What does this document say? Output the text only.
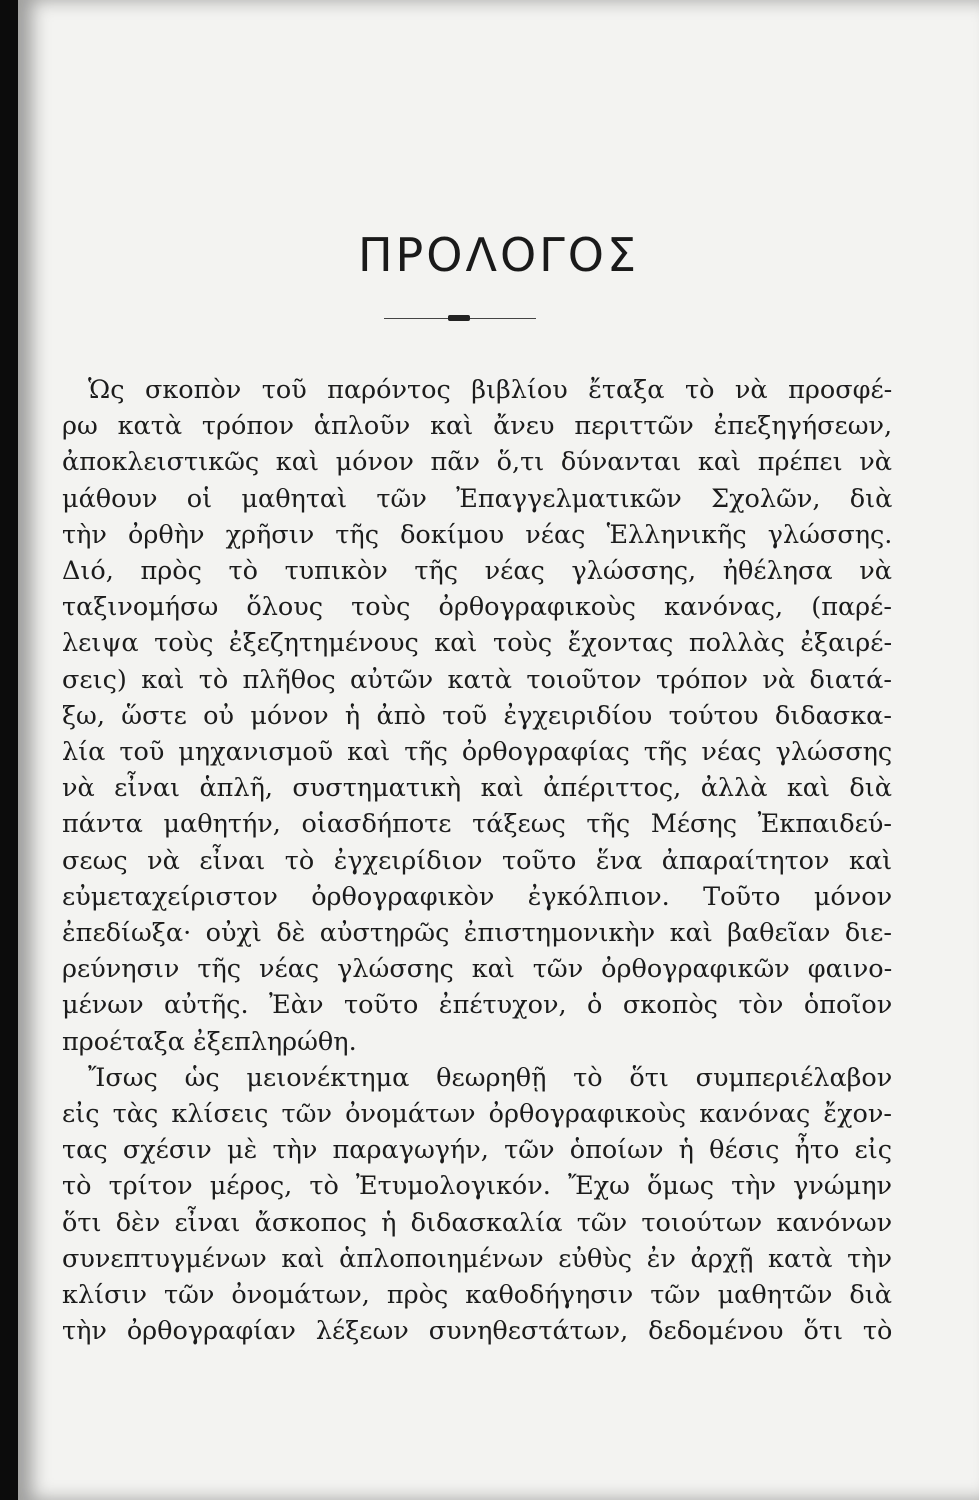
ΠΡΟΛΟΓΟΣ
Ὡς σκοπὸν τοῦ παρόντος βιβλίου ἔταξα τὸ νὰ προσφέ-
ρω κατὰ τρόπον ἁπλοῦν καὶ ἄνευ περιττῶν ἐπεξηγήσεων,
ἀποκλειστικῶς καὶ μόνον πᾶν ὅ,τι δύνανται καὶ πρέπει νὰ
μάθουν οἱ μαθηταὶ τῶν Ἐπαγγελματικῶν Σχολῶν, διὰ
τὴν ὀρθὴν χρῆσιν τῆς δοκίμου νέας Ἑλληνικῆς γλώσσης.
Διό, πρὸς τὸ τυπικὸν τῆς νέας γλώσσης, ἠθέλησα νὰ
ταξινομήσω ὅλους τοὺς ὀρθογραφικοὺς κανόνας, (παρέ-
λειψα τοὺς ἐξεζητημένους καὶ τοὺς ἔχοντας πολλὰς ἐξαιρέ-
σεις) καὶ τὸ πλῆθος αὐτῶν κατὰ τοιοῦτον τρόπον νὰ διατά-
ξω, ὥστε οὐ μόνον ἡ ἀπὸ τοῦ ἐγχειριδίου τούτου διδασκα-
λία τοῦ μηχανισμοῦ καὶ τῆς ὀρθογραφίας τῆς νέας γλώσσης
νὰ εἶναι ἁπλῆ, συστηματικὴ καὶ ἀπέριττος, ἀλλὰ καὶ διὰ
πάντα μαθητήν, οἱασδήποτε τάξεως τῆς Μέσης Ἐκπαιδεύ-
σεως νὰ εἶναι τὸ ἐγχειρίδιον τοῦτο ἕνα ἀπαραίτητον καὶ
εὐμεταχείριστον ὀρθογραφικὸν ἐγκόλπιον. Τοῦτο μόνον
ἐπεδίωξα· οὐχὶ δὲ αὐστηρῶς ἐπιστημονικὴν καὶ βαθεῖαν διε-
ρεύνησιν τῆς νέας γλώσσης καὶ τῶν ὀρθογραφικῶν φαινο-
μένων αὐτῆς. Ἐὰν τοῦτο ἐπέτυχον, ὁ σκοπὸς τὸν ὁποῖον
προέταξα ἐξεπληρώθη.
Ἴσως ὡς μειονέκτημα θεωρηθῇ τὸ ὅτι συμπεριέλαβον
εἰς τὰς κλίσεις τῶν ὀνομάτων ὀρθογραφικοὺς κανόνας ἔχον-
τας σχέσιν μὲ τὴν παραγωγήν, τῶν ὁποίων ἡ θέσις ἦτο εἰς
τὸ τρίτον μέρος, τὸ Ἐτυμολογικόν. Ἔχω ὅμως τὴν γνώμην
ὅτι δὲν εἶναι ἄσκοπος ἡ διδασκαλία τῶν τοιούτων κανόνων
συνεπτυγμένων καὶ ἁπλοποιημένων εὐθὺς ἐν ἀρχῇ κατὰ τὴν
κλίσιν τῶν ὀνομάτων, πρὸς καθοδήγησιν τῶν μαθητῶν διὰ
τὴν ὀρθογραφίαν λέξεων συνηθεστάτων, δεδομένου ὅτι τὸ
